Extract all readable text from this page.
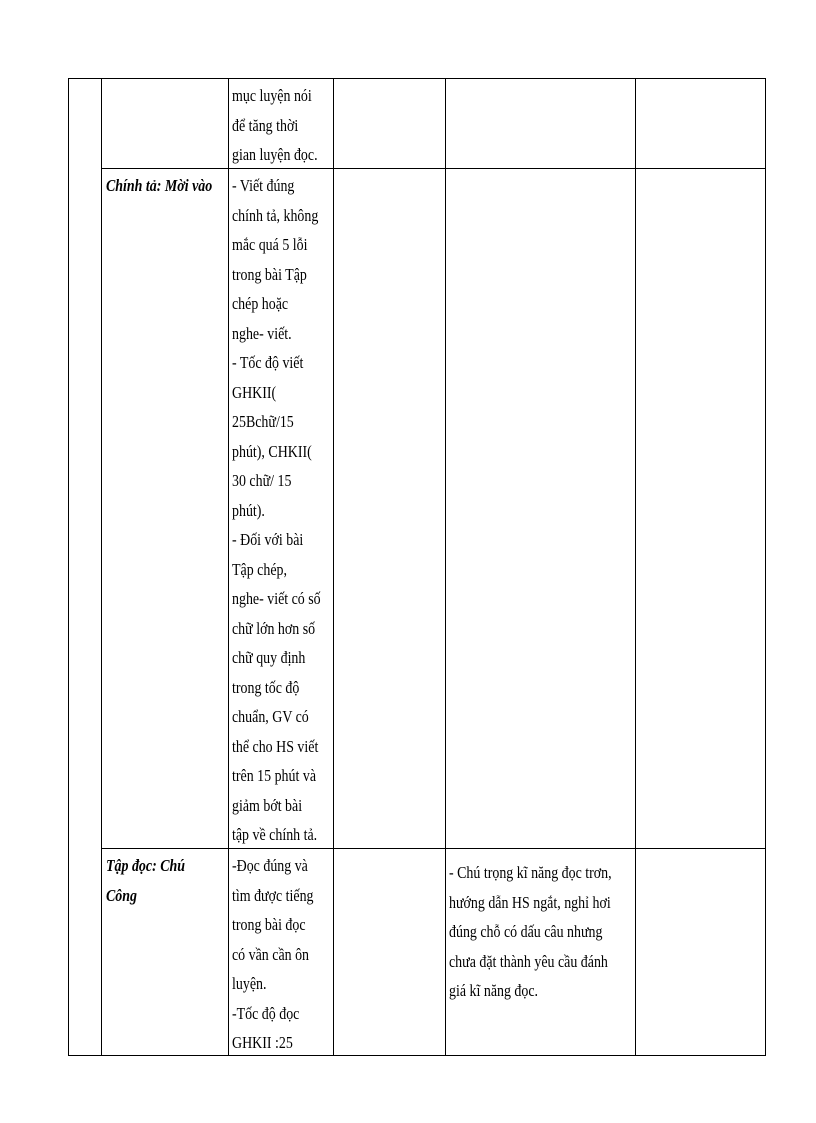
mục luyện nói
để tăng thời
gian luyện đọc.
Chính tả: Mời vào - Viết đúng
chính tả, không
mắc quá 5 lỗi
trong bài Tập
chép hoặc
nghe- viết.
- Tốc độ viết
GHKII(
25Bchữ/15
phút), CHKII(
30 chữ/ 15
phút).
- Đối với bài
Tập chép,
nghe- viết có số
chữ lớn hơn số
chữ quy định
trong tốc độ
chuẩn, GV có
thể cho HS viết
trên 15 phút và
giảm bớt bài
tập về chính tả.
Tập đọc: Chú
Công
-Đọc đúng và
tìm được tiếng
trong bài đọc
có vần cần ôn
luyện.
-Tốc độ đọc
GHKII :25
- Chú trọng kĩ năng đọc trơn,
hướng dẫn HS ngắt, nghỉ hơi
đúng chỗ có dấu câu nhưng
chưa đặt thành yêu cầu đánh
giá kĩ năng đọc.
